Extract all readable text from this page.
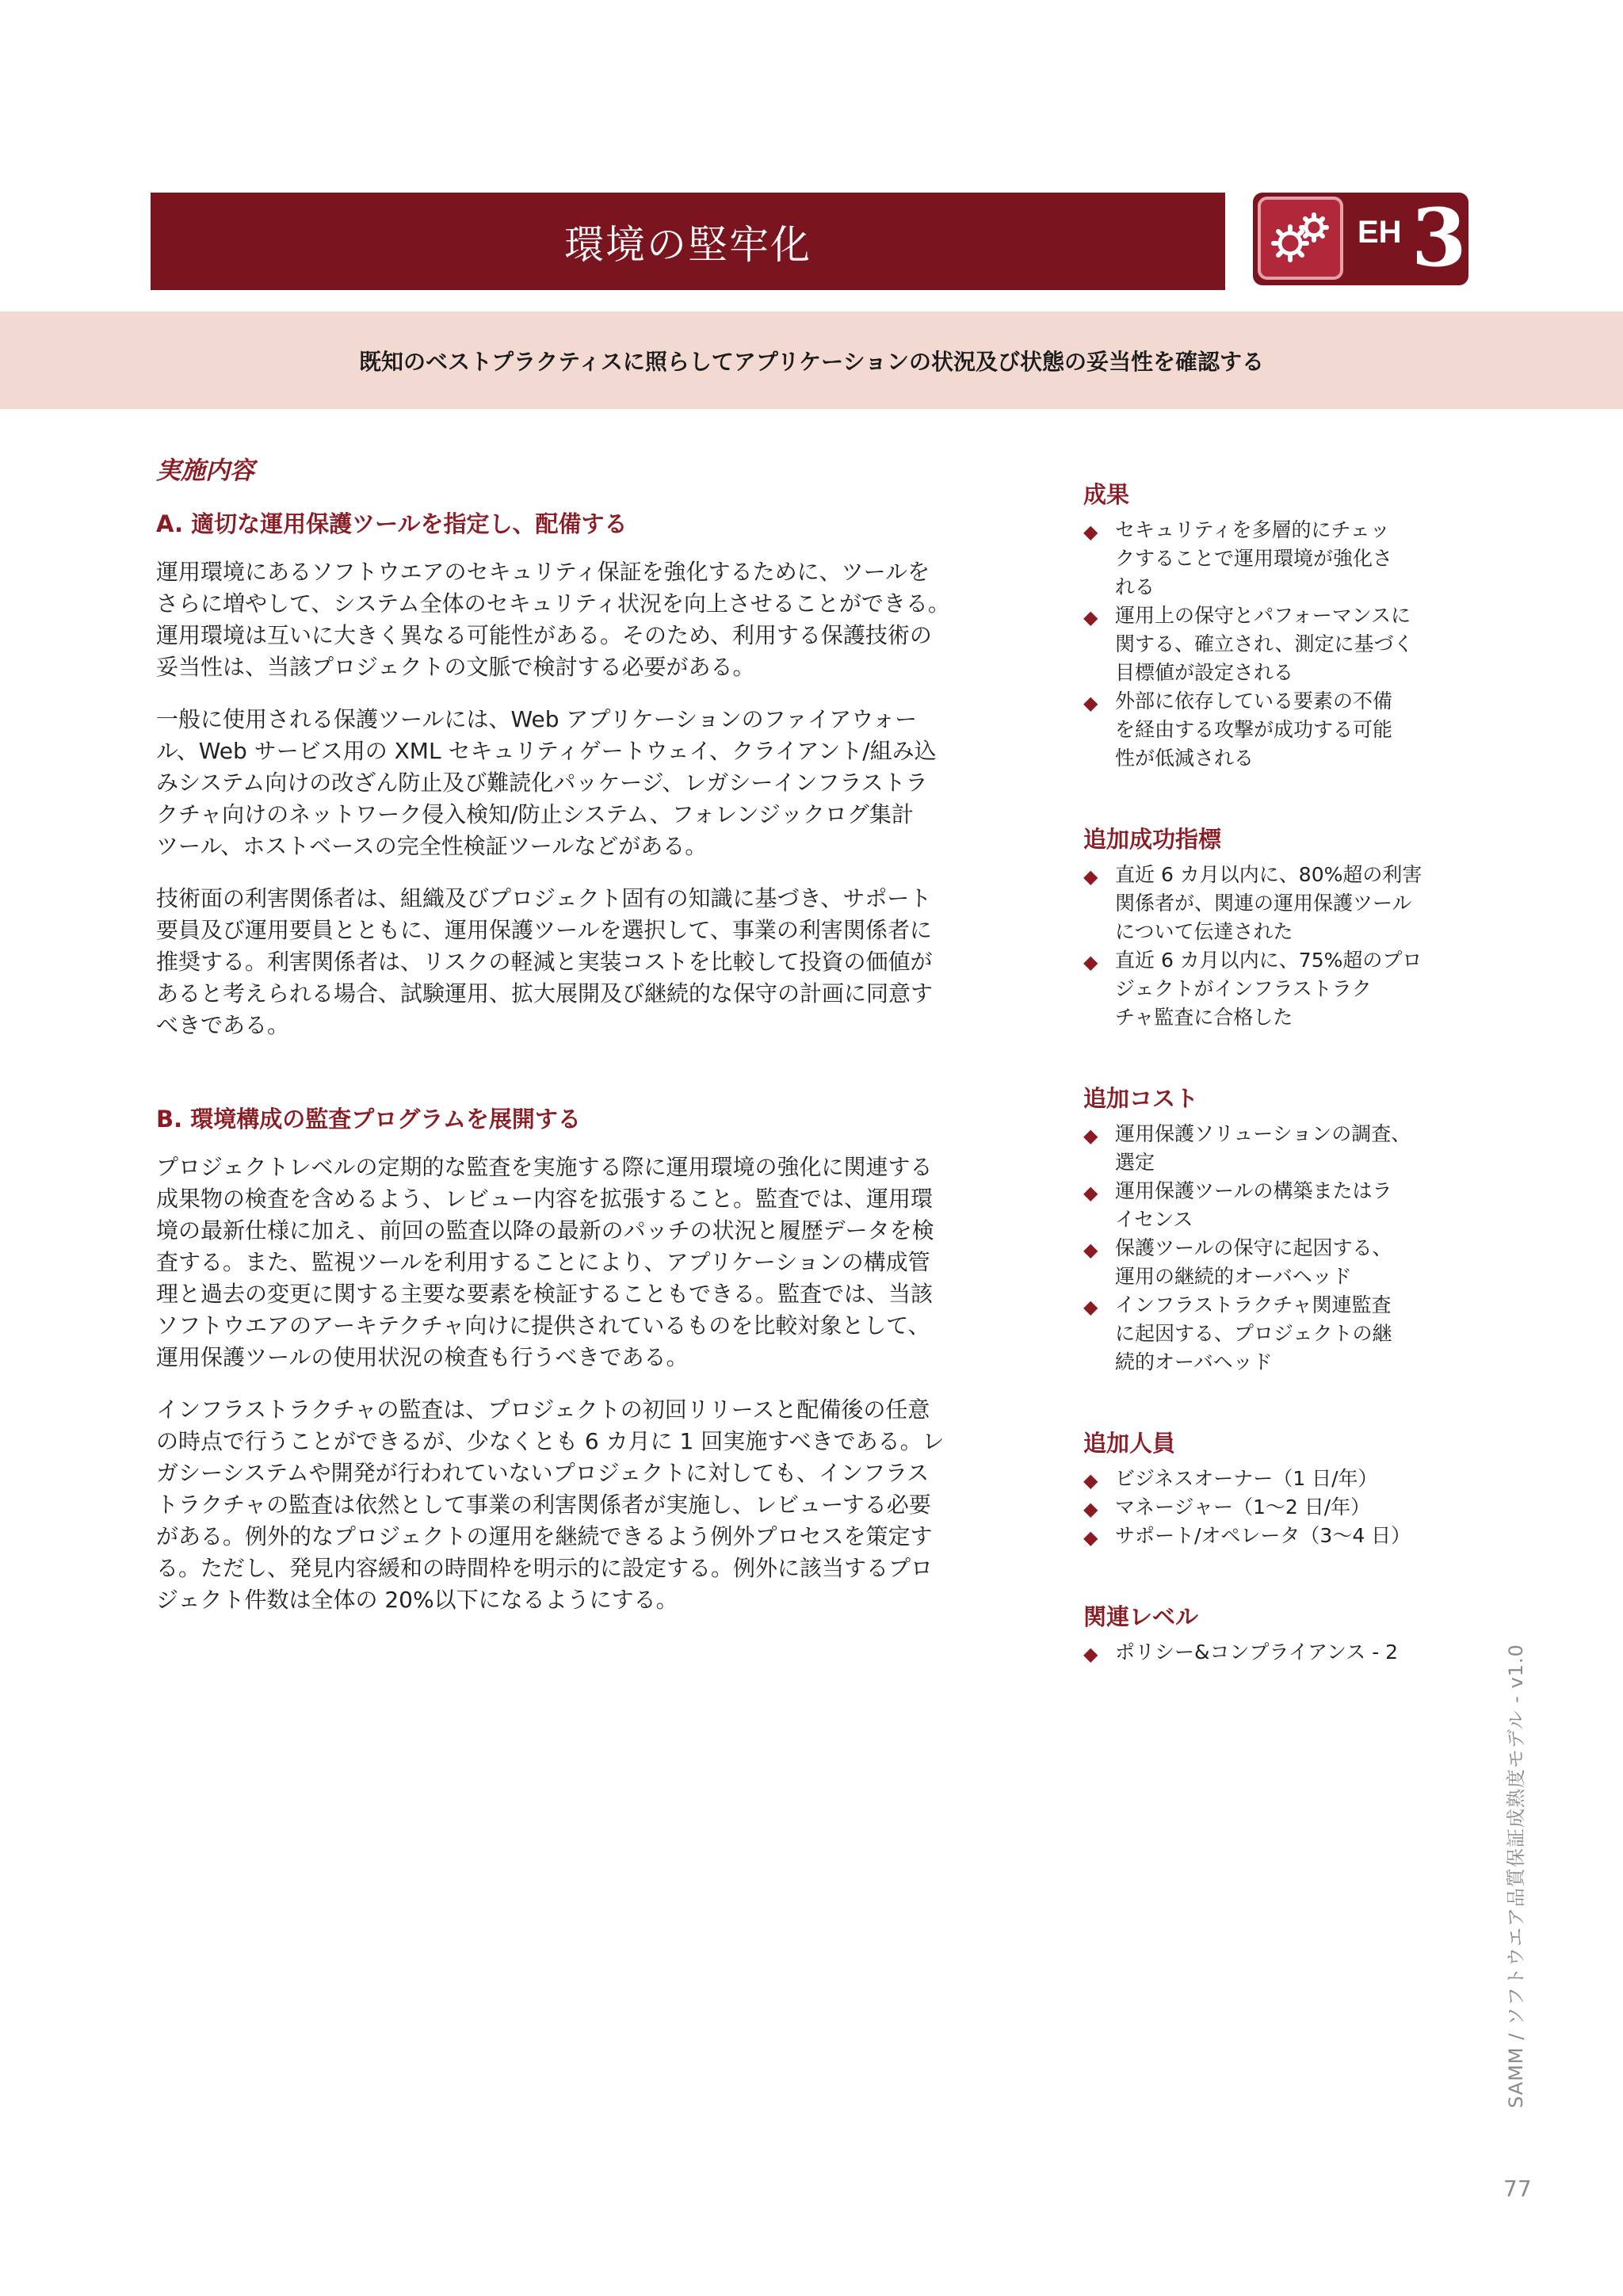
環境の堅牢化	EH 3
既知のベストプラクティスに照らしてアプリケーションの状況及び状態の妥当性を確認する
実施内容
A. 適切な運用保護ツールを指定し、配備する

運用環境にあるソフトウエアのセキュリティ保証を強化するために、ツールを
さらに増やして、システム全体のセキュリティ状況を向上させることができる。
運用環境は互いに大きく異なる可能性がある。そのため、利用する保護技術の
妥当性は、当該プロジェクトの文脈で検討する必要がある。

一般に使用される保護ツールには、Web アプリケーションのファイアウォー
ル、Web サービス用の XML セキュリティゲートウェイ、クライアント/組み込
みシステム向けの改ざん防止及び難読化パッケージ、レガシーインフラストラ
クチャ向けのネットワーク侵入検知/防止システム、フォレンジックログ集計
ツール、ホストベースの完全性検証ツールなどがある。

技術面の利害関係者は、組織及びプロジェクト固有の知識に基づき、サポート
要員及び運用要員とともに、運用保護ツールを選択して、事業の利害関係者に
推奨する。利害関係者は、リスクの軽減と実装コストを比較して投資の価値が
あると考えられる場合、試験運用、拡大展開及び継続的な保守の計画に同意す
べきである。

B. 環境構成の監査プログラムを展開する

プロジェクトレベルの定期的な監査を実施する際に運用環境の強化に関連する
成果物の検査を含めるよう、レビュー内容を拡張すること。監査では、運用環
境の最新仕様に加え、前回の監査以降の最新のパッチの状況と履歴データを検
査する。また、監視ツールを利用することにより、アプリケーションの構成管
理と過去の変更に関する主要な要素を検証することもできる。監査では、当該
ソフトウエアのアーキテクチャ向けに提供されているものを比較対象として、
運用保護ツールの使用状況の検査も行うべきである。

インフラストラクチャの監査は、プロジェクトの初回リリースと配備後の任意
の時点で行うことができるが、少なくとも 6 カ月に 1 回実施すべきである。レ
ガシーシステムや開発が行われていないプロジェクトに対しても、インフラス
トラクチャの監査は依然として事業の利害関係者が実施し、レビューする必要
がある。例外的なプロジェクトの運用を継続できるよう例外プロセスを策定す
る。ただし、発見内容緩和の時間枠を明示的に設定する。例外に該当するプロ
ジェクト件数は全体の 20%以下になるようにする。

成果
◆ セキュリティを多層的にチェッ
クすることで運用環境が強化さ
れる
◆ 運用上の保守とパフォーマンスに
関する、確立され、測定に基づく
目標値が設定される
◆ 外部に依存している要素の不備
を経由する攻撃が成功する可能
性が低減される
追加成功指標
◆ 直近 6 カ月以内に、80%超の利害
関係者が、関連の運用保護ツール
について伝達された
◆ 直近 6 カ月以内に、75%超のプロ
ジェクトがインフラストラク
チャ監査に合格した
追加コスト
◆ 運用保護ソリューションの調査、
選定
◆ 運用保護ツールの構築またはラ
イセンス
◆ 保護ツールの保守に起因する、
運用の継続的オーバヘッド
◆ インフラストラクチャ関連監査
に起因する、プロジェクトの継
続的オーバヘッド
追加人員
◆ ビジネスオーナー（1 日/年）
◆ マネージャー（1〜2 日/年）
◆ サポート/オペレータ（3〜4 日）
関連レベル
◆ ポリシー&コンプライアンス - 2	SAMM / ソフトウエア品質保証成熟度モデル - v1.0
77
